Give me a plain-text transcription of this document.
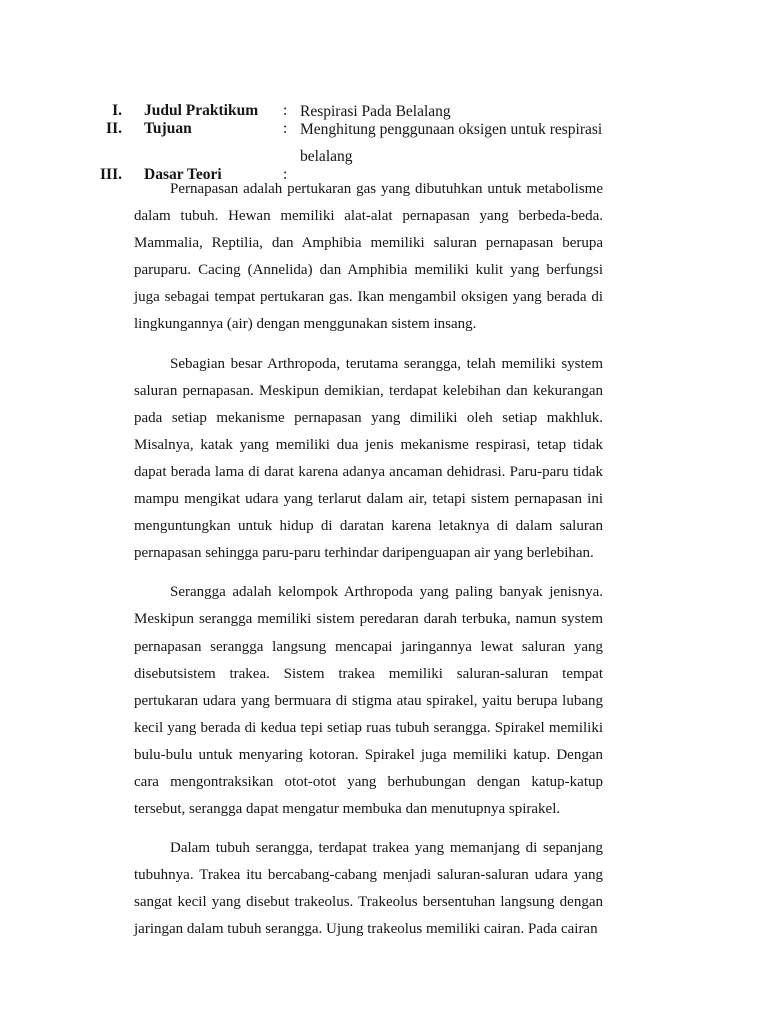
I. Judul Praktikum : Respirasi Pada Belalang
II. Tujuan	: Menghitung penggunaan oksigen untuk respirasi belalang
III. Dasar Teori	:

Pernapasan adalah pertukaran gas yang dibutuhkan untuk metabolisme dalam tubuh. Hewan memiliki alat-alat pernapasan yang berbeda-beda. Mammalia, Reptilia, dan Amphibia memiliki saluran pernapasan berupa paruparu. Cacing (Annelida) dan Amphibia memiliki kulit yang berfungsi juga sebagai tempat pertukaran gas. Ikan mengambil oksigen yang berada di lingkungannya (air) dengan menggunakan sistem insang.

Sebagian besar Arthropoda, terutama serangga, telah memiliki system saluran pernapasan. Meskipun demikian, terdapat kelebihan dan kekurangan pada setiap mekanisme pernapasan yang dimiliki oleh setiap makhluk. Misalnya, katak yang memiliki dua jenis mekanisme respirasi, tetap tidak dapat berada lama di darat karena adanya ancaman dehidrasi. Paru-paru tidak mampu mengikat udara yang terlarut dalam air, tetapi sistem pernapasan ini menguntungkan untuk hidup di daratan karena letaknya di dalam saluran pernapasan sehingga paru-paru terhindar daripenguapan air yang berlebihan.

Serangga adalah kelompok Arthropoda yang paling banyak jenisnya. Meskipun serangga memiliki sistem peredaran darah terbuka, namun system pernapasan serangga langsung mencapai jaringannya lewat saluran yang disebutsistem trakea. Sistem trakea memiliki saluran-saluran tempat pertukaran udara yang bermuara di stigma atau spirakel, yaitu berupa lubang kecil yang berada di kedua tepi setiap ruas tubuh serangga. Spirakel memiliki bulu-bulu untuk menyaring kotoran. Spirakel juga memiliki katup. Dengan cara mengontraksikan otot-otot yang berhubungan dengan katup-katup tersebut, serangga dapat mengatur membuka dan menutupnya spirakel.

Dalam tubuh serangga, terdapat trakea yang memanjang di sepanjang tubuhnya. Trakea itu bercabang-cabang menjadi saluran-saluran udara yang sangat kecil yang disebut trakeolus. Trakeolus bersentuhan langsung dengan jaringan dalam tubuh serangga. Ujung trakeolus memiliki cairan. Pada cairan
